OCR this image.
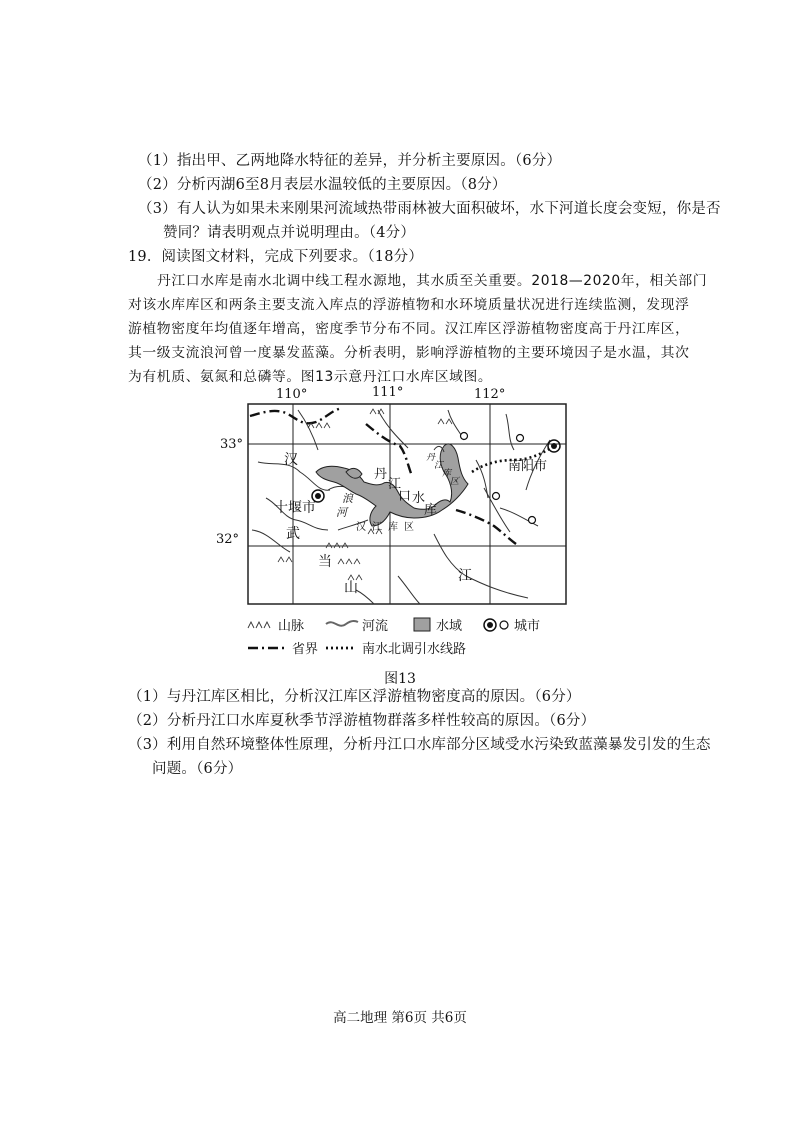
（1）指出甲、乙两地降水特征的差异，并分析主要原因。（6分）
（2）分析丙湖6至8月表层水温较低的主要原因。（8分）
（3）有人认为如果未来刚果河流域热带雨林被大面积破坏，水下河道长度会变短，你是否
赞同？请表明观点并说明理由。（4分）
19．阅读图文材料，完成下列要求。（18分）
丹江口水库是南水北调中线工程水源地，其水质至关重要。2018—2020年，相关部门
对该水库库区和两条主要支流入库点的浮游植物和水环境质量状况进行连续监测，发现浮
游植物密度年均值逐年增高，密度季节分布不同。汉江库区浮游植物密度高于丹江库区，
其一级支流浪河曾一度暴发蓝藻。分析表明，影响浮游植物的主要环境因子是水温，其次
为有机质、氨氮和总磷等。图13示意丹江口水库区域图。
110°	111°	112°
33°
汉
十堰市
武
当
山
丹
江
口 水
库
汉 江 库 区
浪
河
丹
江
库
区
江
南阳市
山脉	河流	水域	城市
省界	南水北调引水线路
32°
图13
（1）与丹江库区相比，分析汉江库区浮游植物密度高的原因。（6分）
（2）分析丹江口水库夏秋季节浮游植物群落多样性较高的原因。（6分）
（3）利用自然环境整体性原理，分析丹江口水库部分区域受水污染致蓝藻暴发引发的生态
问题。（6分）
高二地理 第6页 共6页
